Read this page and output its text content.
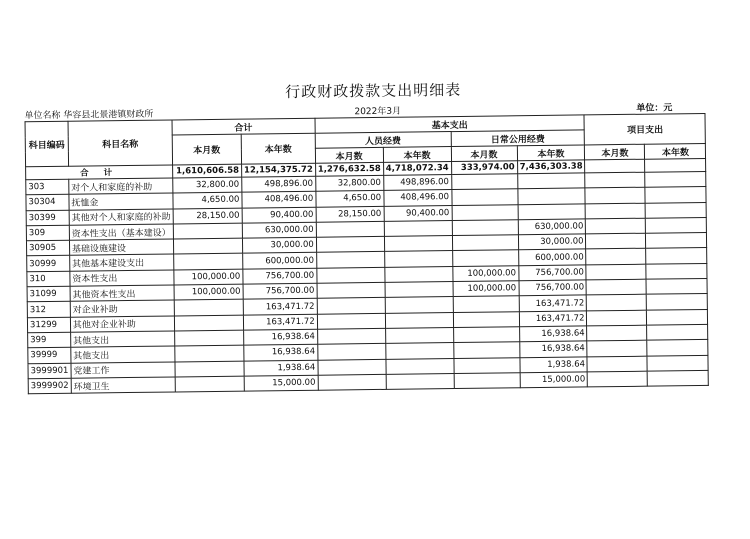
行政财政拨款支出明细表
单位名称 华容县北景港镇财政所	2022年3月	单位：元
科目编码	科目名称	合计		基本支出				项目支出	
		本月数	本年数	人员经费		日常公用经费			
				本月数	本年数	本月数	本年数	本月数	本年数
合 计		1,610,606.58	12,154,375.72	1,276,632.58	4,718,072.34	333,974.00	7,436,303.38		
303	对个人和家庭的补助	32,800.00	498,896.00	32,800.00	498,896.00				
30304	抚恤金	4,650.00	408,496.00	4,650.00	408,496.00				
30399	其他对个人和家庭的补助	28,150.00	90,400.00	28,150.00	90,400.00				
309	资本性支出（基本建设）		630,000.00				630,000.00		
30905	基础设施建设		30,000.00				30,000.00		
30999	其他基本建设支出		600,000.00				600,000.00		
310	资本性支出	100,000.00	756,700.00			100,000.00	756,700.00		
31099	其他资本性支出	100,000.00	756,700.00			100,000.00	756,700.00		
312	对企业补助		163,471.72				163,471.72		
31299	其他对企业补助		163,471.72				163,471.72		
399	其他支出		16,938.64				16,938.64		
39999	其他支出		16,938.64				16,938.64		
3999901	党建工作		1,938.64				1,938.64		
3999902	环境卫生		15,000.00				15,000.00		
